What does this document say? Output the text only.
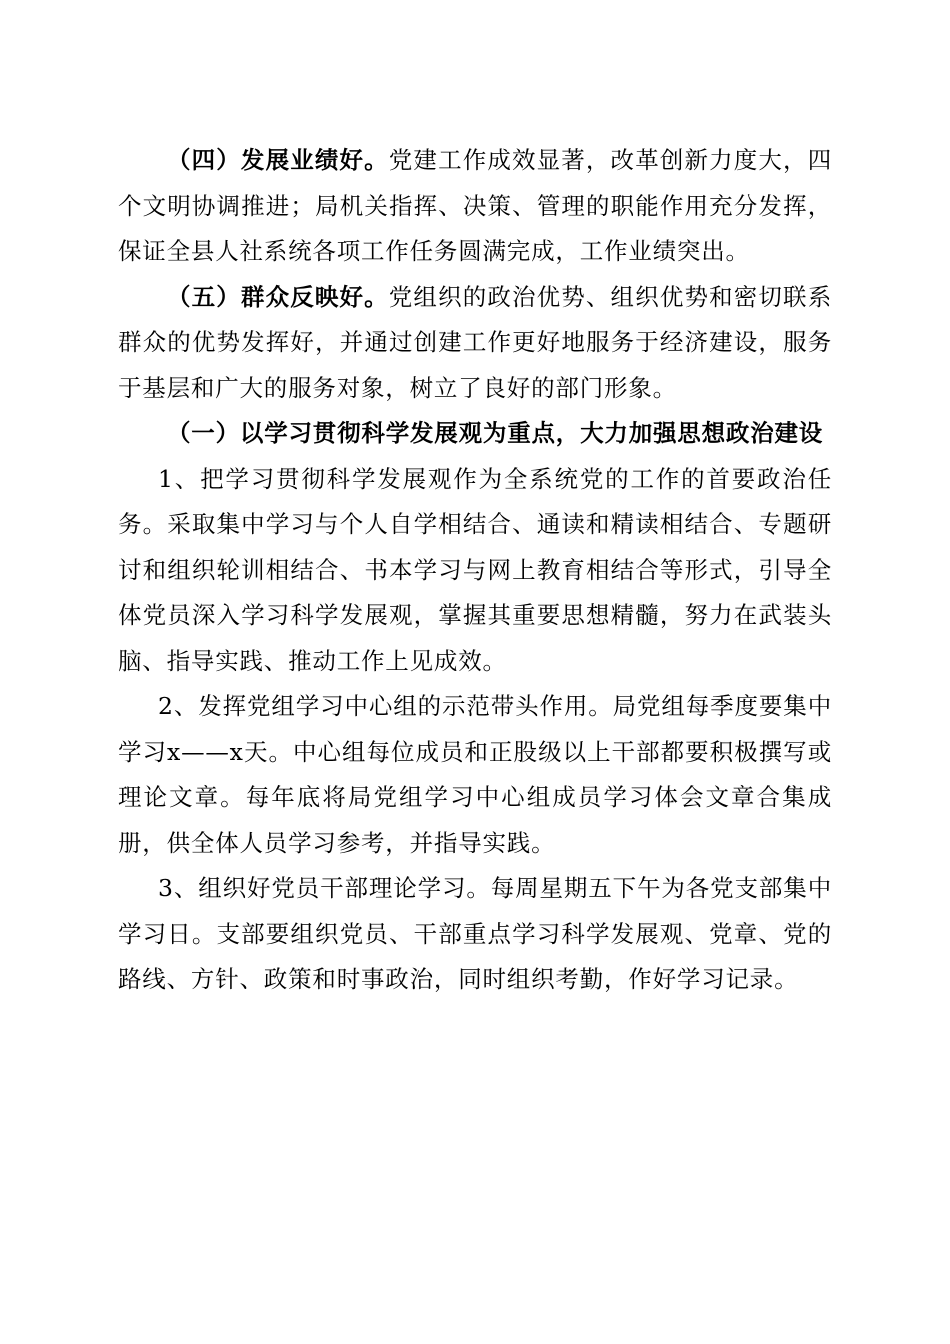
（四）发展业绩好。党建工作成效显著，改革创新力度大，四个文明协调推进；局机关指挥、决策、管理的职能作用充分发挥，保证全县人社系统各项工作任务圆满完成，工作业绩突出。

（五）群众反映好。党组织的政治优势、组织优势和密切联系群众的优势发挥好，并通过创建工作更好地服务于经济建设，服务于基层和广大的服务对象，树立了良好的部门形象。

（一）以学习贯彻科学发展观为重点，大力加强思想政治建设

1、把学习贯彻科学发展观作为全系统党的工作的首要政治任务。采取集中学习与个人自学相结合、通读和精读相结合、专题研讨和组织轮训相结合、书本学习与网上教育相结合等形式，引导全体党员深入学习科学发展观，掌握其重要思想精髓，努力在武装头脑、指导实践、推动工作上见成效。

2、发挥党组学习中心组的示范带头作用。局党组每季度要集中学习x——x天。中心组每位成员和正股级以上干部都要积极撰写或理论文章。每年底将局党组学习中心组成员学习体会文章合集成册，供全体人员学习参考，并指导实践。

3、组织好党员干部理论学习。每周星期五下午为各党支部集中学习日。支部要组织党员、干部重点学习科学发展观、党章、党的路线、方针、政策和时事政治，同时组织考勤，作好学习记录。
